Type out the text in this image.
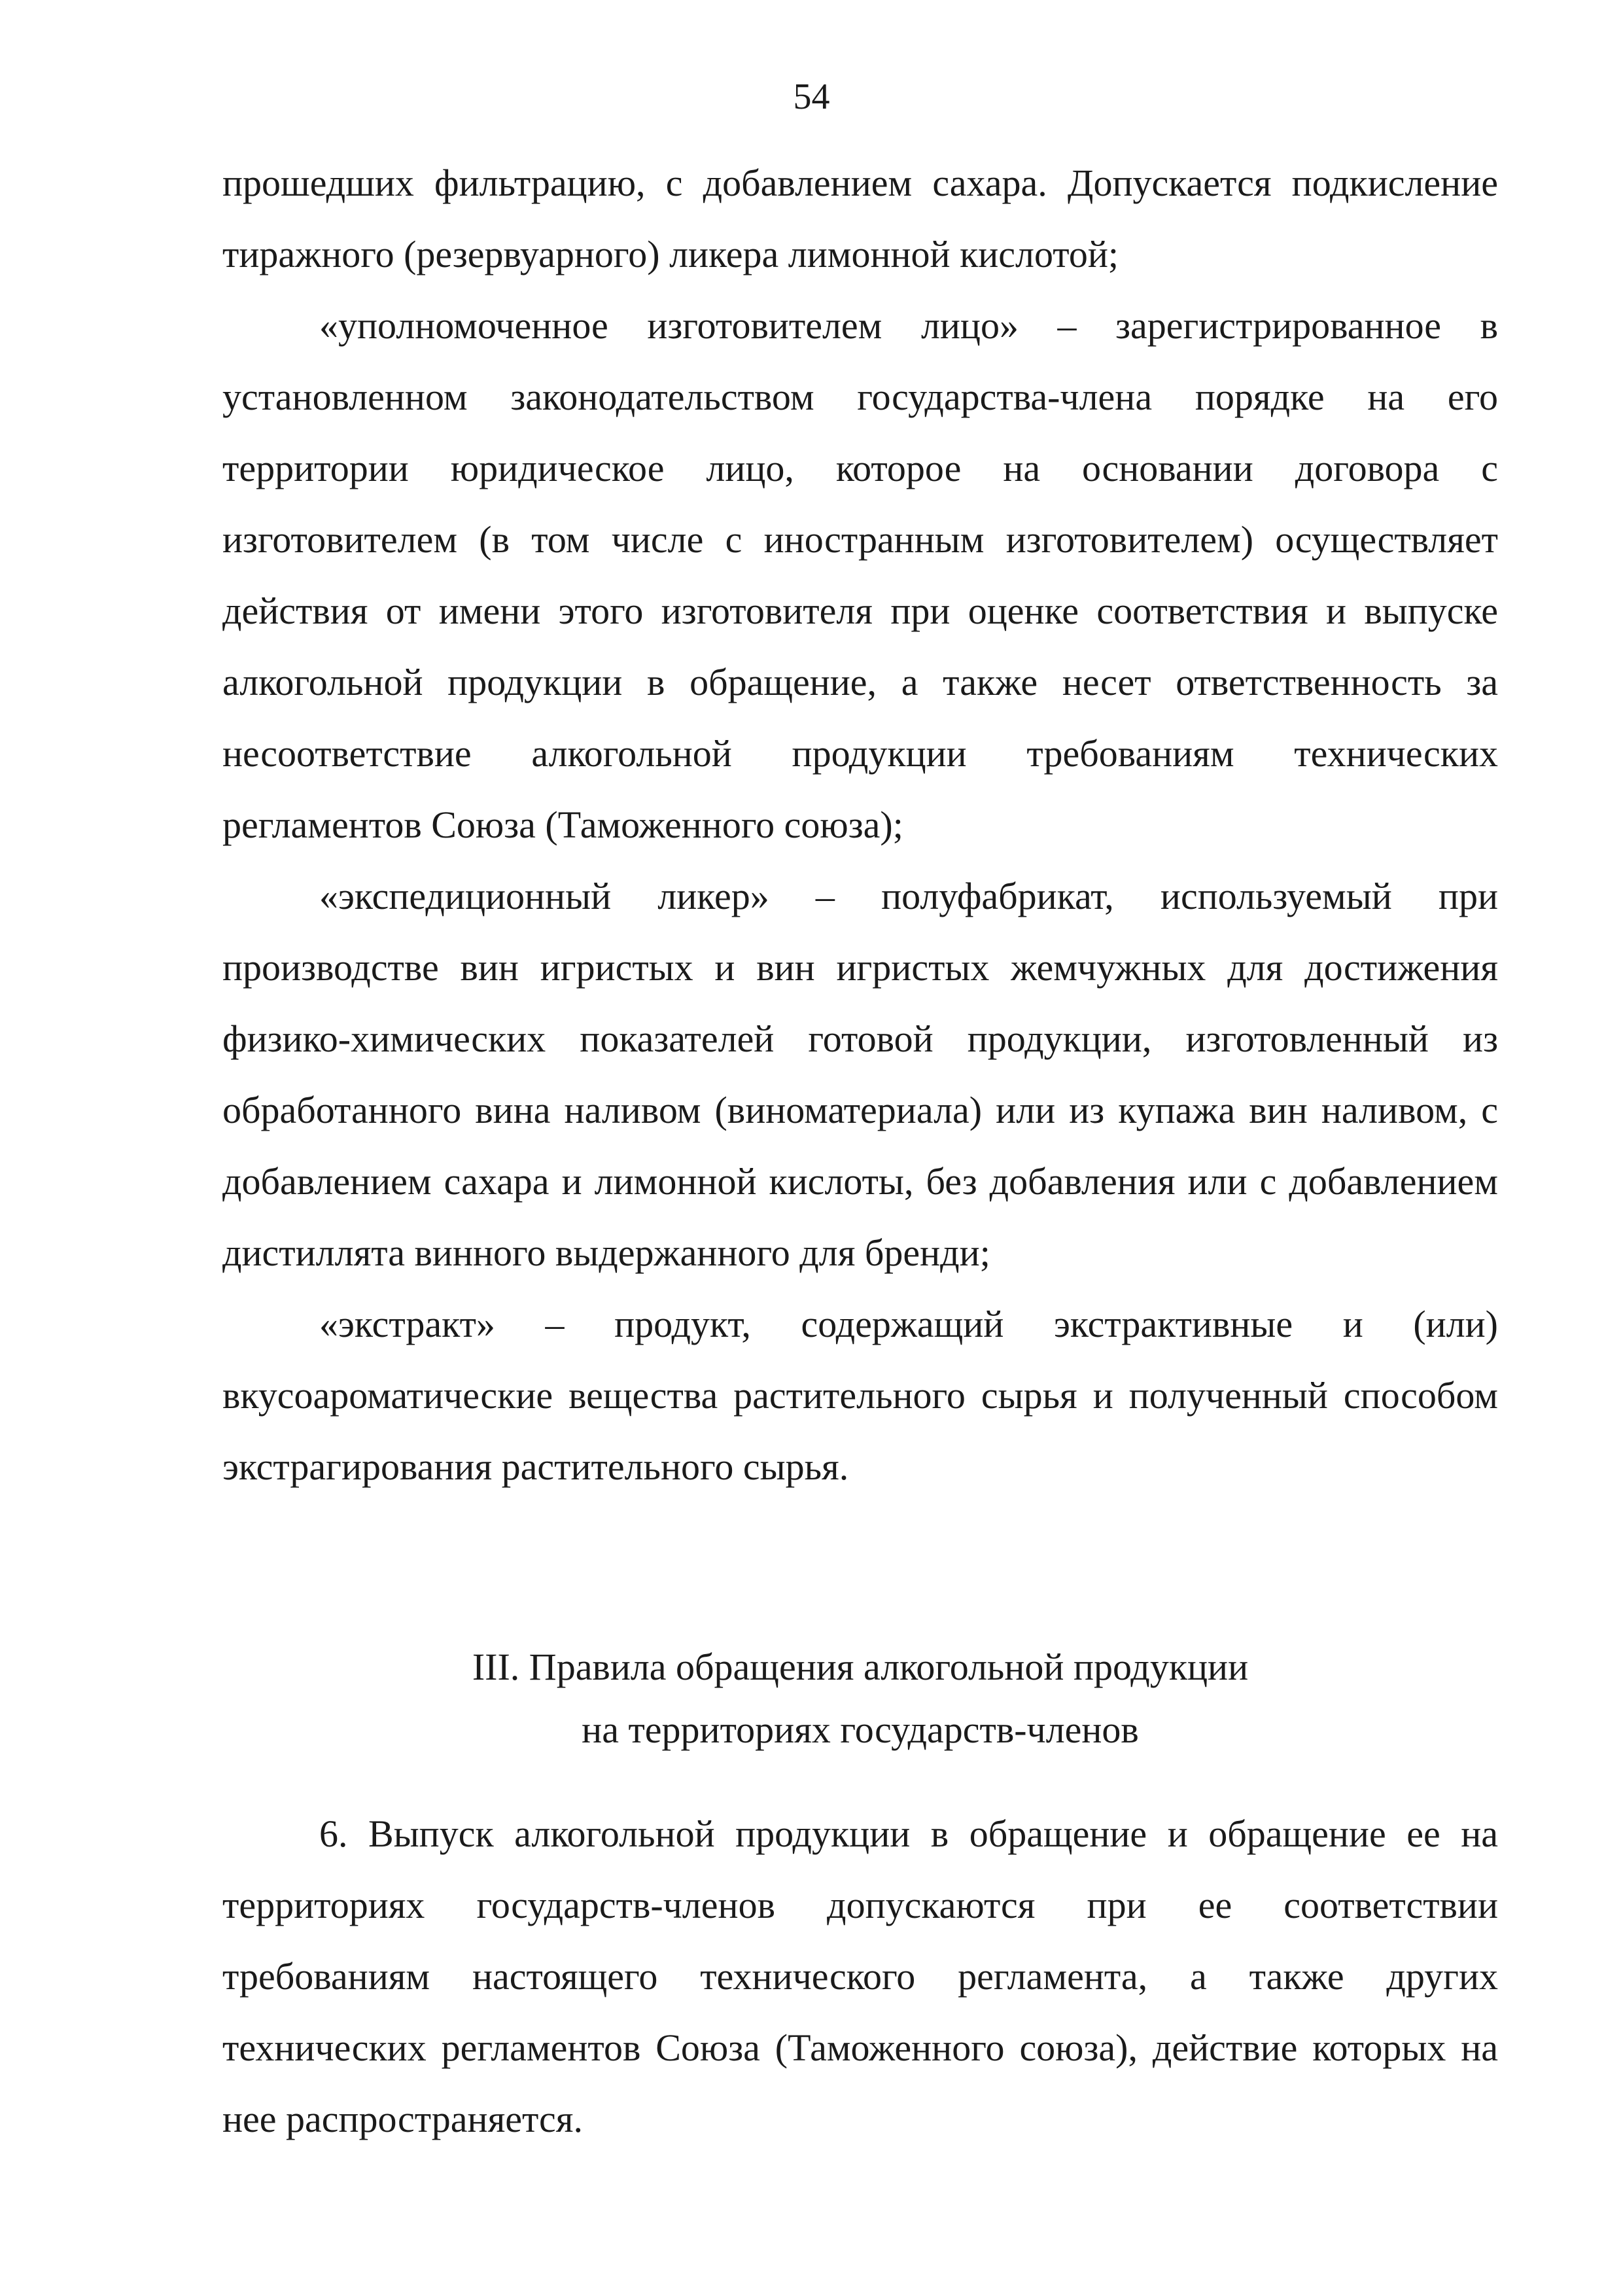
54

прошедших фильтрацию, с добавлением сахара. Допускается подкисление тиражного (резервуарного) ликера лимонной кислотой;

«уполномоченное изготовителем лицо» – зарегистрированное в установленном законодательством государства-члена порядке на его территории юридическое лицо, которое на основании договора с изготовителем (в том числе с иностранным изготовителем) осуществляет действия от имени этого изготовителя при оценке соответствия и выпуске алкогольной продукции в обращение, а также несет ответственность за несоответствие алкогольной продукции требованиям технических регламентов Союза (Таможенного союза);

«экспедиционный ликер» – полуфабрикат, используемый при производстве вин игристых и вин игристых жемчужных для достижения физико-химических показателей готовой продукции, изготовленный из обработанного вина наливом (виноматериала) или из купажа вин наливом, с добавлением сахара и лимонной кислоты, без добавления или с добавлением дистиллята винного выдержанного для бренди;

«экстракт» – продукт, содержащий экстрактивные и (или) вкусоароматические вещества растительного сырья и полученный способом экстрагирования растительного сырья.

III. Правила обращения алкогольной продукции
на территориях государств-членов

6. Выпуск алкогольной продукции в обращение и обращение ее на территориях государств-членов допускаются при ее соответствии требованиям настоящего технического регламента, а также других технических регламентов Союза (Таможенного союза), действие которых на нее распространяется.
